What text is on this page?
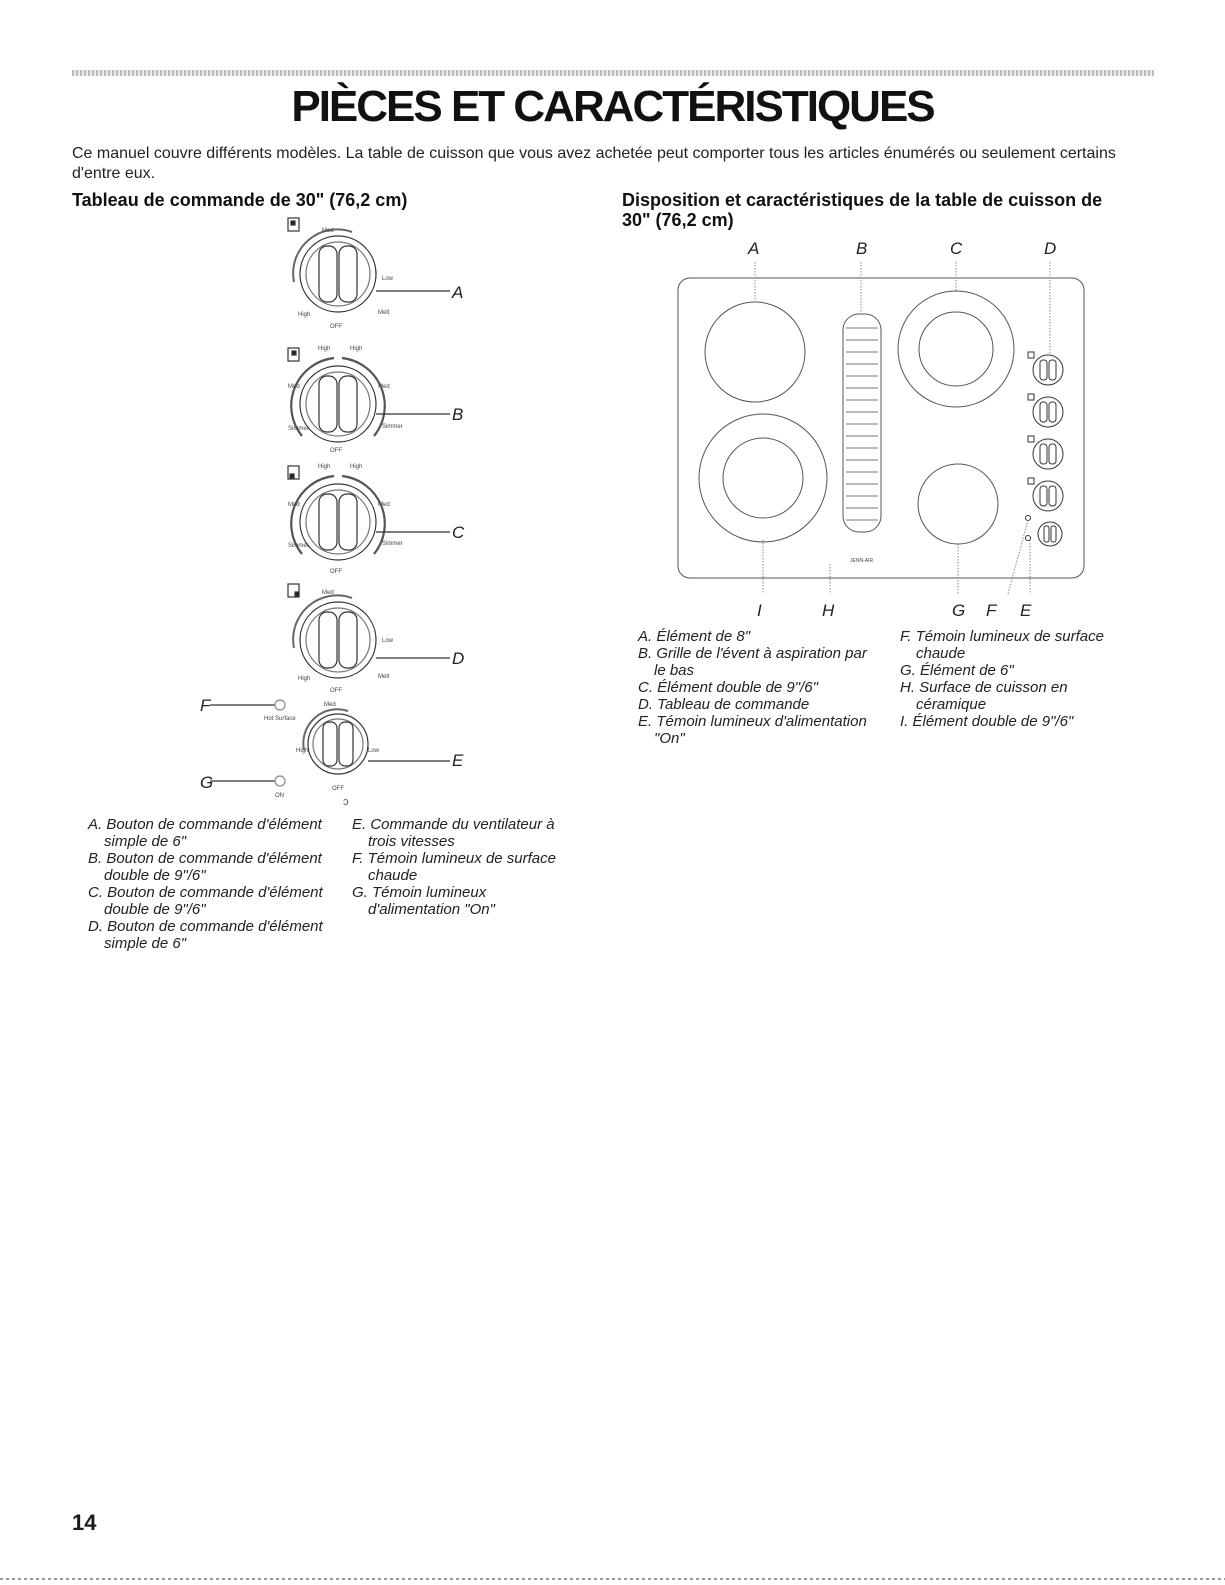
PIÈCES ET CARACTÉRISTIQUES

Ce manuel couvre différents modèles. La table de cuisson que vous avez achetée peut comporter tous les articles énumérés ou seulement certains d'entre eux.

Tableau de commande de 30" (76,2 cm)	Disposition et caractéristiques de la table de cuisson de 30" (76,2 cm)
Med
Low
High	Melt
OFF
High	High
Med	Med
Simmer	Simmer
OFF
High	High
Med	Med
Simmer	Simmer
OFF
Med
Low
High	Melt
OFF
Med
High	Low
OFF
Hot Surface
ON
A
B
C
D
E
F
G
ↄ
A. Bouton de commande d'élément simple de 6"
B. Bouton de commande d'élément double de 9"/6"
C. Bouton de commande d'élément double de 9"/6"
D. Bouton de commande d'élément simple de 6"
E. Commande du ventilateur à trois vitesses
F. Témoin lumineux de surface chaude
G. Témoin lumineux d'alimentation "On"
JENN-AIR
A	B	C	D
I	H	G F E
A. Élément de 8"
B. Grille de l'évent à aspiration par le bas
C. Élément double de 9"/6"
D. Tableau de commande
E. Témoin lumineux d'alimentation "On"
F. Témoin lumineux de surface chaude
G. Élément de 6"
H. Surface de cuisson en céramique
I. Élément double de 9"/6"

14
